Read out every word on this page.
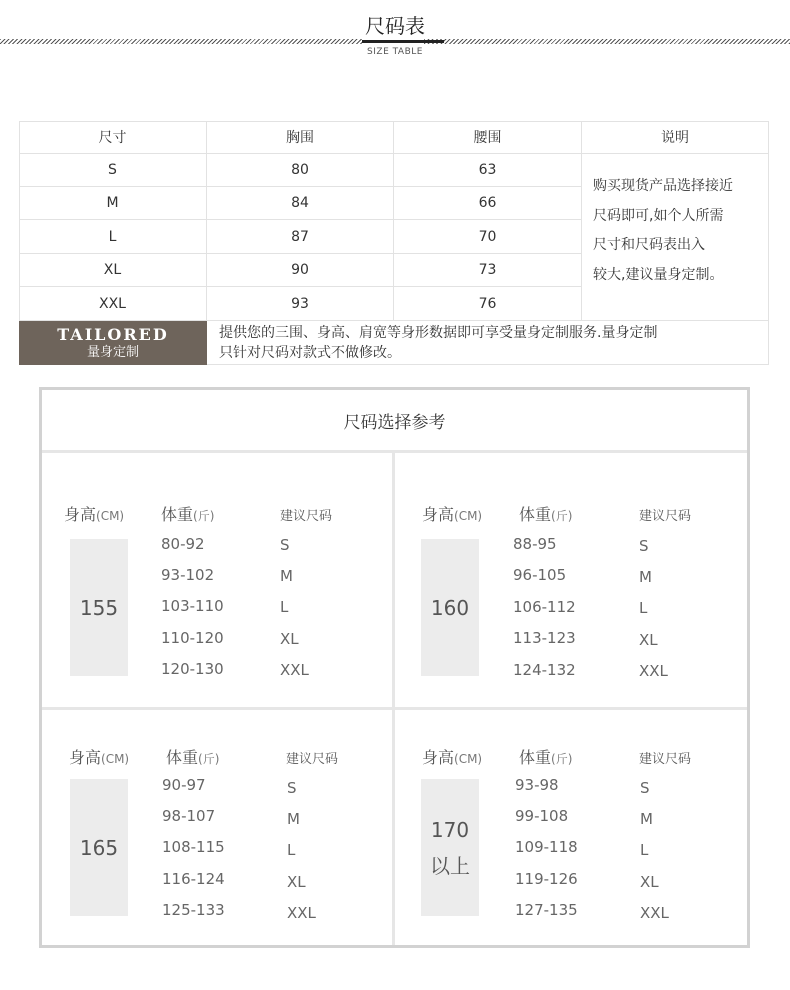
尺码表
SIZE TABLE
尺寸	胸围	腰围	说明
S	80	63
M	84	66
L	87	70
XL	90	73
XXL	93	76
购买现货产品选择接近
尺码即可,如个人所需
尺寸和尺码表出入
较大,建议量身定制。
TAILORED
量身定制
提供您的三围、身高、肩宽等身形数据即可享受量身定制服务.量身定制
只针对尺码对款式不做修改。
尺码选择参考
身高(CM) 体重(斤)	建议尺码
155
80-92	S
93-102	M
103-110	L
110-120	XL
120-130	XXL
身高(CM) 体重(斤)	建议尺码
160
88-95	S
96-105	M
106-112	L
113-123	XL
124-132	XXL
身高(CM) 体重(斤)	建议尺码
165
90-97	S
98-107	M
108-115	L
116-124	XL
125-133	XXL
身高(CM) 体重(斤)	建议尺码
170
以上
93-98	S
99-108	M
109-118	L
119-126	XL
127-135	XXL
